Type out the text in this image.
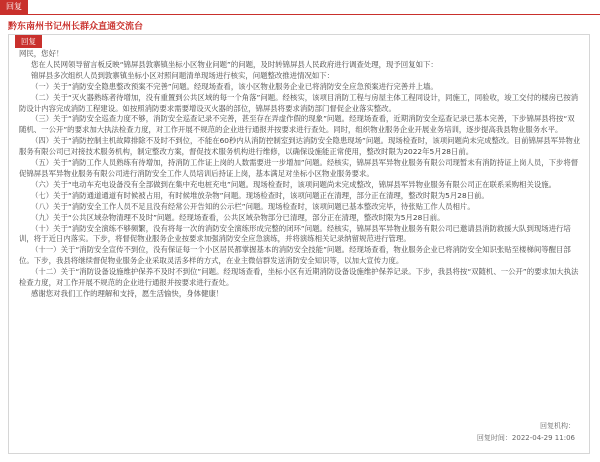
回复
黔东南州书记州长群众直通交流台
回复

网民，您好！

您在人民网领导留言板反映“锦屏县敦寨镇坐标小区物业问题”的问题，及时转锦屏县人民政府进行调查处理，现予回复如下：

锦屏县多次组织人员到敦寨镇坐标小区对照问题清单现场进行核实，问题整改推进情况如下：

（一）关于“消防安全隐患整改预案不完善”问题。经现场查看，该小区物业服务企业已将消防安全应急预案进行完善并上墙。

（二）关于“灭火器熟练者待增加，没有重置到公共区域的每一个角落”问题。经核实，该项目消防工程与房屋主体工程同设计，同施工，同验收，竣工交付的楼房已按消防设计内容完成消防工程建设。如按照消防要求需要增设灭火器的部位，锦屏县将要求消防部门督促企业落实整改。

（三）关于“消防安全巡查力度不够，消防安全巡查记录不完善，甚至存在弄虚作假的现象”问题。经现场查看，近期消防安全巡查记录已基本完善，下步锦屏县将按“双随机、一公开”的要求加大执法检查力度，对工作开展不规范的企业进行通报并按要求进行查处。同时，组织物业服务企业开展业务培训，逐步提高我县物业服务水平。

（四）关于“消防控制主机故障排除不及时不到位，不能在60秒内从消防控制室到达消防安全隐患现场”问题。现场检查时，该项问题尚未完成整改。目前锦屏县军异物业服务有限公司已对接技术服务机构，制定整改方案，督促技术服务机构进行维修，以确保设施能正常使用，整改时限为2022年5月28日前。

（五）关于“消防工作人员熟练有待增加，持消防工作证上岗的人数需要进一步增加”问题。经核实，锦屏县军异物业服务有限公司现暂未有消防持证上岗人员，下步将督促锦屏县军异物业服务有限公司进行消防安全工作人员培训后持证上岗，基本满足对坐标小区物业服务要求。

（六）关于“电动车充电设备没有全部做到在集中充电桩充电”问题。现场检查时，该项问题尚未完成整改，锦屏县军异物业服务有限公司正在联系采购相关设施。

（七）关于“消防通道通道有时候被占用，有时候堆放杂物”问题。现场检查时，该项问题正在清理，部分正在清理，整改时限为5月28日前。

（八）关于“消防安全工作人员不足且没有经常公开告知的公示栏”问题。现场检查时，该项问题已基本整改完毕，待张贴工作人员相片。

（九）关于“公共区域杂物清理不及时”问题。经现场查看，公共区域杂物部分已清理，部分正在清理，整改时限为5月28日前。

（十）关于“消防安全演练不够频繁，没有将每一次的消防安全演练形成完整的闭环”问题。经核实，锦屏县军异物业服务有限公司已邀请县消防救援大队到现场进行培训，将于近日内落实。下步，将督促物业服务企业按要求加强消防安全应急演练，并将演练相关记录纳留规范进行管理。

（十一）关于“消防安全宣传不到位，没有保证每一个小区居民都掌握基本的消防安全技能”问题。经现场查看，物业服务企业已将消防安全知识张贴至楼梯间等醒目部位。下步，我县将继续督促物业服务企业采取灵活多样的方式，在业主微信群发送消防安全知识等，以加大宣传力度。

（十二）关于“消防设备设施维护保养不及时不到位”问题。经现场查看，坐标小区有近期消防设备设施维护保养记录。下步，我县将按“双随机、一公开”的要求加大执法检查力度，对工作开展不规范的企业进行通报并按要求进行查处。

感谢您对我们工作的理解和支持，愿生活愉快，身体健康！

回复机构：
回复时间：2022-04-29 11:06
